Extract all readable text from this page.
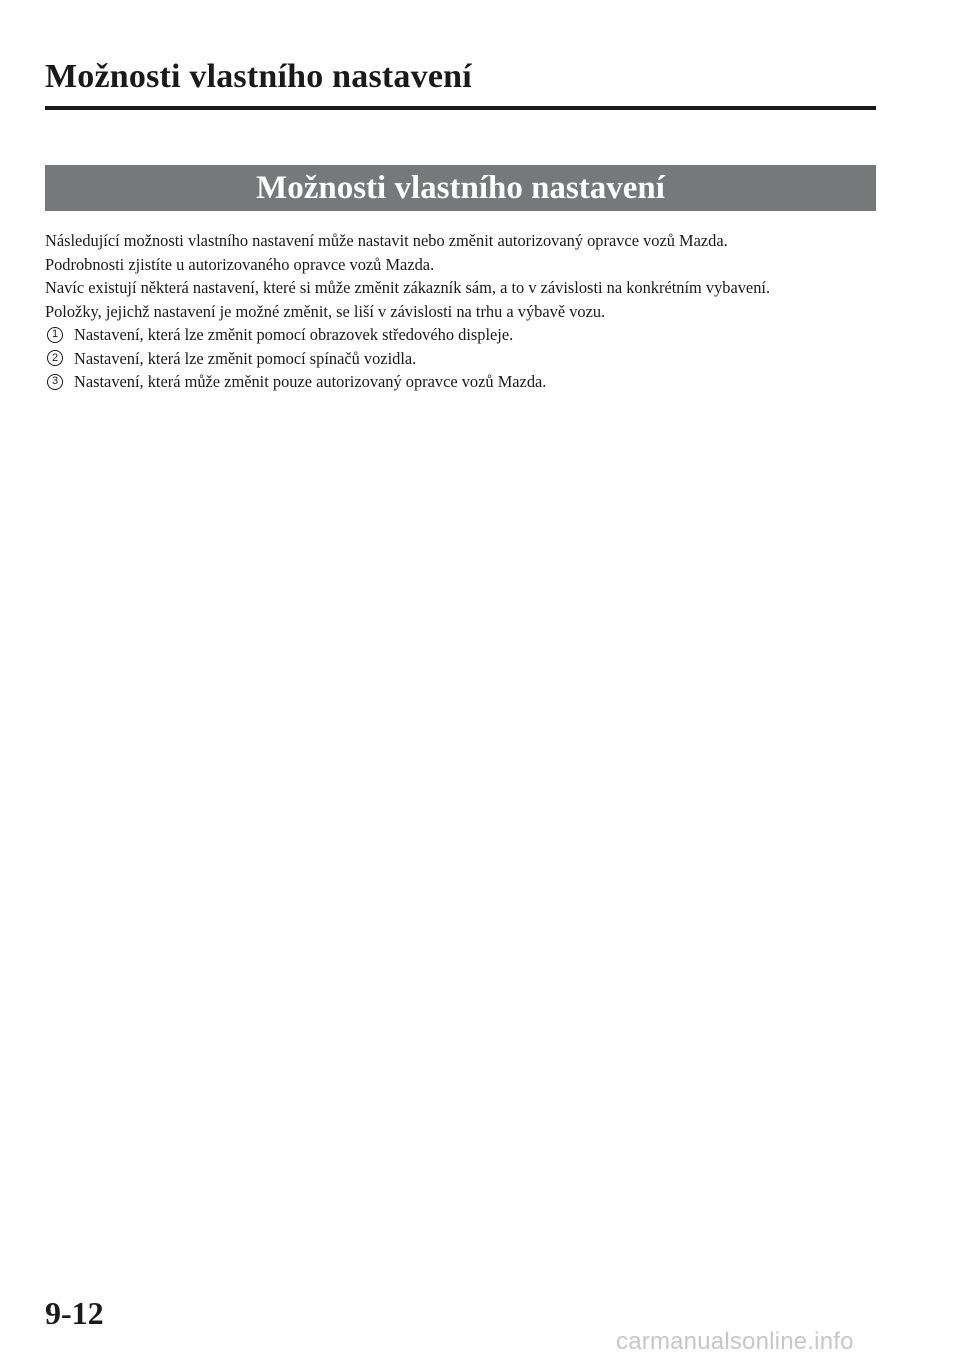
Možnosti vlastního nastavení
Možnosti vlastního nastavení

Následující možnosti vlastního nastavení může nastavit nebo změnit autorizovaný opravce vozů Mazda.

Podrobnosti zjistíte u autorizovaného opravce vozů Mazda.

Navíc existují některá nastavení, které si může změnit zákazník sám, a to v závislosti na konkrétním vybavení.

Položky, jejichž nastavení je možné změnit, se liší v závislosti na trhu a výbavě vozu.

1 Nastavení, která lze změnit pomocí obrazovek středového displeje.
2 Nastavení, která lze změnit pomocí spínačů vozidla.
3 Nastavení, která může změnit pouze autorizovaný opravce vozů Mazda.
9-12
carmanualsonline.info
